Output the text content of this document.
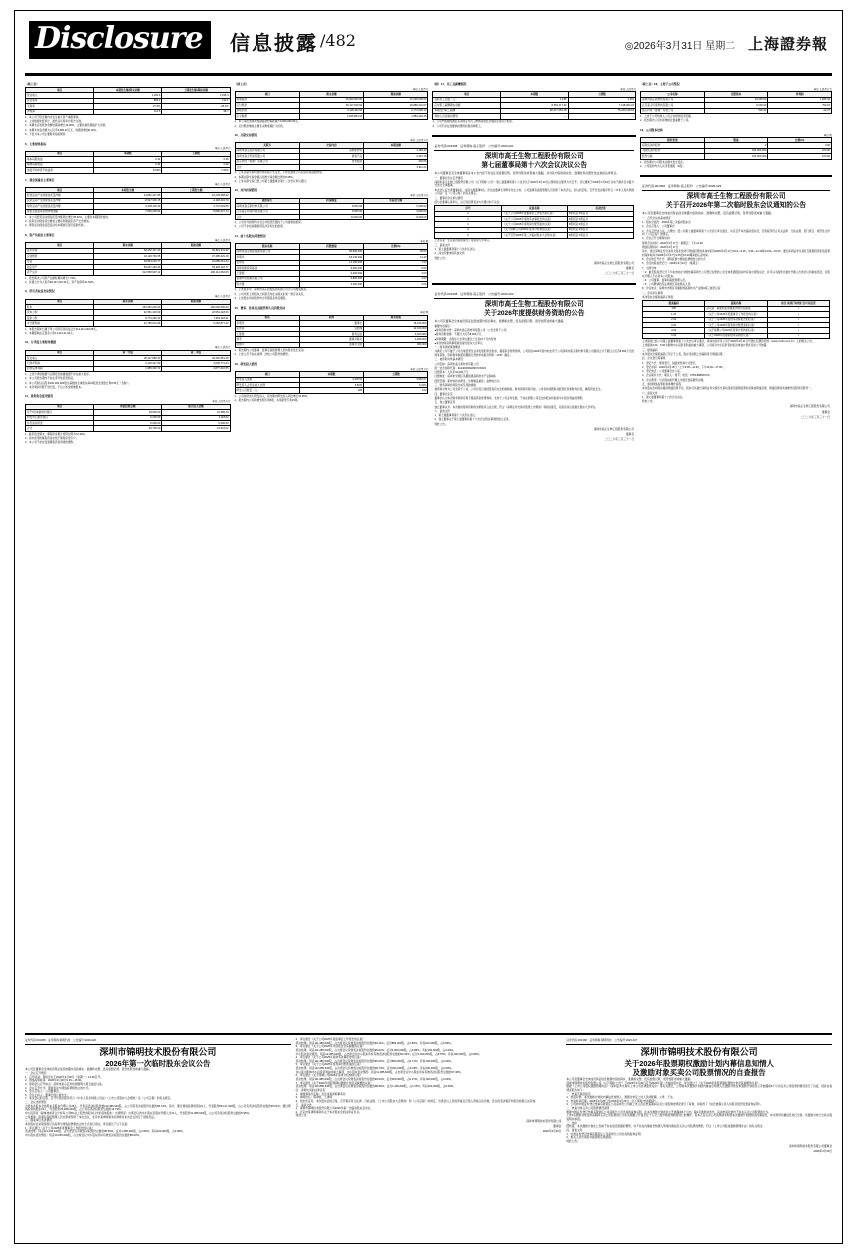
Disclosure	信息披露 /482	◎2026年3月31日 星期二 上海證券報
（续上表）
项目	本期发生额/期末余额	上期发生额/期初余额
营业收入	1,182.6	1,035.4
营业成本	856.3	742.1
毛利率	27.6%	28.3%
净利润	112.5	98.7
1、本公司于报告期内未发生重大资产重组事项。
2、上述数据未经审计，最终以年度审计报告为准。
3、本期末应收账款余额较期初增长12.35%，主要系销售规模扩大所致。
4、本期末存货余额为人民币3,685.42万元，较期初增加8.12%。
5、下表为本公司主要财务指标情况：
6、主要财务指标
单位:人民币元
项目	本期数	上期数
基本每股收益	0.32	0.28
稀释每股收益	0.32	0.28
加权平均净资产收益率	8.65%	7.92%
7、现金流量表主要项目
单位:人民币元
项目	本期发生额	上期发生额
经营活动产生的现金流量净额	13,852,417.66	10,236,558.92
投资活动产生的现金流量净额	-8,527,330.15	-6,118,204.73
筹资活动产生的现金流量净额	2,305,118.40	4,772,093.55
现金及现金等价物净增加额	7,630,205.91	8,890,447.74
1、本公司经营活动现金流量净额同比增长35.32%，主要系本期回款加快。
2、投资活动现金流出增加主要系购建固定资产支出增加。
3、筹资活动现金流量变动系本期偿还银行借款所致。
8、资产负债表主要项目
单位:人民币元
项目	期末余额	期初余额
货币资金	68,452,117.23	60,821,911.32
应收账款	42,118,760.55	37,485,229.18
存货	36,854,203.77	34,085,661.40
固定资产	58,207,449.06	54,930,118.77
资产总计	312,558,907.41	290,114,662.05
1、报告期末公司资产总额较期初增长7.74%。
2、负债合计为人民币98,447,215.33元，资产负债率31.50%。
9、所有者权益变动情况
单位:人民币元
项目	期末余额	期初余额
股本	160,000,000.00	160,000,000.00
资本公积	32,551,418.09	32,551,418.09
盈余公积	8,774,260.33	7,652,118.41
未分配利润	12,785,013.66	5,218,877.22
1、本报告期末归属于母公司所有者权益合计214,111,692.08元。
2、本期提取法定盈余公积1,122,141.92元。
10、分季度主要财务数据
单位:人民币元
项目	第一季度	第二季度
营业收入	25,117,880.30	29,402,551.18
归母净利润	2,118,447.09	3,005,772.64
扣非后净利润	1,985,330.72	2,877,410.55
1、上述分季度数据与定期报告披露数据不存在重大差异。
2、本公司报告期内不存在季节性经营特征。
3、本公司拟以总股本160,000,000股为基数向全体股东每10股派发现金红利0.50元（含税）。
4、本次利润分配不送红股，不以公积金转增股本。
11、募集资金使用情况
单位:人民币万元
项目	承诺投资总额	累计投入金额
年产5万吨新材料项目	18,500.00	12,385.40
研发中心建设项目	6,200.00	4,118.62
补充流动资金	5,000.00	5,000.00
合计	29,700.00	21,504.02
1、截至报告期末，募集资金累计使用比例为72.40%。
2、尚未使用的募集资金存放于募集资金专户。
3、本公司不存在变更募集资金用途的情形。
（续上表）
单位:人民币元
项目	期末余额	期初余额
短期借款	15,000,000.00	21,000,000.00
应付账款	28,117,640.52	25,880,331.07
预收款项	3,118,402.66	2,772,005.13
应交税费	2,005,884.31	1,884,220.45
1、本公司报告期末短期借款较期初减少6,000,000.00元。
2、应付账款增加主要系采购规模扩大所致。
12、关联交易情况
单位:人民币万元
关联方	交易内容	本期金额
深圳市高壬投资有限公司	采购原材料	1,185.40
深圳市高壬贸易有限公司	销售产品	2,307.18
高壬科技（香港）有限公司	技术服务	418.66
合计	—	3,911.24
1、上述关联交易均按市场价格公允定价，不存在损害公司及股东利益的情形。
2、本期关联交易金额占同类交易金额比例为8.35%。
3、上述关联交易已经公司第七届董事会第十二次会议审议通过。
13、对外担保情况
单位:人民币万元
被担保方	担保额度	实际发生额
深圳市高壬新材料有限公司	8,000.00	5,200.00
江苏高壬环保科技有限公司	5,000.00	3,000.00
合计	13,000.00	8,200.00
1、公司对外担保均为对合并报表范围内子公司提供的担保。
2、公司不存在逾期担保及涉及诉讼的担保。
14、前十名股东持股情况
单位:股
股东名称	持股数量	比例(%)
深圳市高壬控股集团有限公司	56,800,000	35.50
李明华	18,240,000	11.40
张伟东	12,160,000	7.60
深圳创新投资基金	9,600,000	6.00
王建国	6,400,000	4.00
香港中央结算有限公司	4,800,000	3.00
陈志强	3,200,000	2.00
1、上述股东中，深圳市高壬控股集团有限公司为公司控股股东。
2、公司未知上述股东之间是否存在关联关系或一致行动关系。
3、上述股东所持股份均为无限售条件流通股。
15、董事、监事及高级管理人员持股变动
单位:股
姓名	职务	期末持股
李明华	董事长	18,240,000
张伟东	总经理	12,160,000
王建国	财务总监	6,400,000
刘芳	董事会秘书	1,280,000
赵国平	监事会主席	960,000
1、报告期内公司董事、监事及高级管理人员持股未发生变动。
2、上述人员不存在质押、冻结公司股份的情形。
16、研发投入情况
单位:人民币万元
项目	本期数	上期数
研发投入金额	4,118.52	3,552.07
研发投入占营业收入比例	6.82%	6.31%
研发人员数量（人）	186	162
1、公司持续加大研发投入，报告期内研发投入同比增长15.95%。
2、报告期内公司新增发明专利8项，实用新型专利15项。
（续）17、员工及薪酬情况
单位:人民币元
项目	本期数	上期数
在职员工总数（人）	1,186	1,052
应付职工薪酬期末余额	8,552,117.40	7,418,003.22
本期支付职工薪酬	86,417,552.18	75,220,118.63
退休人员需承担费用	—	—
1、公司严格按照国家有关规定为员工缴纳各项社会保险及住房公积金。
2、公司不存在需要承担费用的离退休职工。
证券代码:001368　证券简称:高壬股份　公告编号:2026-021
深圳市高壬生物工程股份有限公司
第七届董事局第十六次会议决议公告
本公司董事会及全体董事保证本公告内容不存在任何虚假记载、误导性陈述或者重大遗漏，并对其内容的真实性、准确性和完整性依法承担法律责任。
一、董事会会议召开情况
深圳市高壬生物工程股份有限公司（以下简称“公司”）第七届董事局第十六次会议于2026年3月29日以现场结合通讯方式召开。会议通知于2026年3月19日以电子邮件及书面方式送达全体董事。
本次会议应出席董事9名，实际出席董事9名。会议由董事长李明华先生主持，公司监事及高级管理人员列席了本次会议。会议的召集、召开及表决程序符合《中华人民共和国公司法》及《公司章程》的有关规定。
二、董事会会议审议情况
经与会董事认真审议，以记名投票表决方式通过如下决议：
序号	议案名称	表决结果
1	《关于公司2025年度董事会工作报告的议案》	9票同意 0票反对
2	《关于公司2025年度财务决算报告的议案》	9票同意 0票反对
3	《关于公司2025年度利润分配预案的议案》	9票同意 0票反对
4	《关于续聘公司2026年度审计机构的议案》	9票同意 0票反对
5	《关于召开2026年第二次临时股东大会的议案》	9票同意 0票反对
上述议案一至议案四尚需提交公司股东大会审议。
三、备查文件
1、第七届董事局第十六次会议决议。
2、深交所要求的其他文件。
特此公告。
深圳市高壬生物工程股份有限公司
董事会
二〇二六年三月三十一日
证券代码:001368　证券简称:高壬股份　公告编号:2026-022
深圳市高壬生物工程股份有限公司
关于2026年度提供财务资助的公告
本公司及董事会全体成员保证信息披露内容的真实、准确和完整，没有虚假记载、误导性陈述或重大遗漏。
重要内容提示：
●财务资助对象：深圳市高壬新材料有限公司（公司全资子公司）
●财务资助金额：不超过人民币8,000万元
●资助期限：自股东大会审议通过之日起12个月内有效
●本次财务资助事项尚需提交股东大会审议
一、财务资助事项概述
为满足公司下属子公司日常经营及业务发展的资金需求，提高资金使用效率，公司拟在2026年度内向全资子公司深圳市高壬新材料有限公司提供合计不超过人民币8,000万元的财务资助，资助利率参照同期银行贷款市场报价利率（LPR）确定。
二、被资助对象基本情况
公司名称：深圳市高壬新材料有限公司
统一社会信用代码：91440300MA5FXXXX1K
注册资本：人民币10,000万元
注册地址：深圳市光明区凤凰街道高新技术产业园A栋
经营范围：新材料技术研发；生物制品销售；货物进出口。
三、财务资助的风险分析及风控措施
被资助对象为公司全资子公司，公司对其日常经营具有完全的控制权，财务资助风险可控。公司将持续跟踪其经营状况和财务状况，确保资金安全。
四、董事会意见
董事会认为本次财务资助有利于提高资金使用效率，支持子公司业务发展，不存在损害公司及全体股东特别是中小股东利益的情形。
五、独立董事意见
独立董事认为：本次提供财务资助的决策程序合法合规，符合《深圳证券交易所股票上市规则》等相关规定，同意将该议案提交股东大会审议。
六、备查文件
1、第七届董事局第十六次会议决议；
2、独立董事关于第七届董事局第十六次会议相关事项的独立意见。
特此公告。
深圳市高壬生物工程股份有限公司
董事会
二〇二六年三月三十一日
（续上表）18、主要子公司情况
单位:人民币万元
公司名称	注册资本	净利润
深圳市高壬新材料有限公司	10,000.00	1,286.44
江苏高壬环保科技有限公司	6,000.00	752.18
高壬科技（香港）有限公司	500.00	-42.07
1、上述子公司均纳入公司合并财务报表范围。
2、报告期内公司未新增或处置重要子公司。
19、公司股本结构
单位:股
股份类别	数量	比例(%)
有限售条件股份	0	0.00
无限售条件股份	160,000,000	100.00
股份总数	160,000,000	100.00
1、报告期内公司股本总额未发生变化。
2、公司股份均为人民币普通股（A股）。
证券代码:001368　证券简称:高壬股份　公告编号:2026-023
深圳市高壬生物工程股份有限公司
关于召开2026年第二次临时股东会议通知的公告
本公司及董事会全体成员保证信息披露内容的真实、准确和完整，没有虚假记载、误导性陈述或重大遗漏。
一、召开会议的基本情况
1、股东会届次：2026年第二次临时股东会
2、会议召集人：公司董事会
3、会议召开的合法、合规性：经公司第七届董事局第十六次会议审议通过，决定召开本次临时股东会，召集程序符合有关法律、行政法规、部门规章、规范性文件和《公司章程》的规定。
4、会议召开日期和时间：
现场会议时间：2026年4月17日（星期五）下午14:30
网络投票时间：2026年4月17日
其中，通过深圳证券交易所交易系统进行网络投票的具体时间为2026年4月17日9:15—9:25，9:30—11:30和13:00—15:00；通过深圳证券交易所互联网投票系统投票的具体时间为2026年4月17日9:15至15:00期间的任意时间。
5、会议的召开方式：现场投票与网络投票相结合的方式
6、会议的股权登记日：2026年4月10日（星期五）
7、出席对象：
（1）截至股权登记日下午收市时在中国结算深圳分公司登记在册的公司全体普通股股东均有权出席股东会，并可以书面形式委托代理人出席会议和参加表决，该股东代理人不必是本公司股东。
（2）公司董事、监事和高级管理人员。
（3）公司聘请的见证律师及其他相关人员。
8、会议地点：深圳市光明区凤凰街道高新技术产业园A栋三楼会议室
二、会议审议事项
本次股东会提案编码示例表：
提案编码	提案名称	备注 该列打勾的栏目可以投票
100	总议案：除累积投票提案外的所有提案	√
1.00	《关于公司2025年度董事会工作报告的议案》	√
2.00	《关于公司2025年度财务决算报告的议案》	√
3.00	《关于公司2025年度利润分配预案的议案》	√
4.00	《关于续聘公司2026年度审计机构的议案》	√
5.00	《关于2026年度提供财务资助的议案》	√
上述提案已经公司第七届董事局第十六次会议审议通过，具体内容详见公司于2026年3月31日刊登在巨潮资讯网（www.cninfo.com.cn）上的相关公告。
上述提案3.00、5.00为影响中小投资者利益的重大事项，公司将对中小投资者的表决单独计票并及时公开披露。
三、提案编码
本次股东会提案编码已列示于上表，股东可按照上述编码进行网络投票。
四、会议登记等事项
1、登记方式：现场登记、信函或传真方式登记。
2、登记时间：2026年4月15日（上午9:00—11:30，下午14:00—17:00）。
3、登记地点：公司董事会办公室。
4、会议联系方式：联系人：刘芳；电话：0755-8888XXXX。
5、会议费用：与会股东或代理人交通及食宿费用自理。
五、参加网络投票的具体操作流程
本次股东会向股东提供网络投票平台，股东可以通过深圳证券交易所交易系统或互联网投票系统参加网络投票，网络投票的具体操作流程详见附件一。
六、备查文件
1、第七届董事局第十六次会议决议。
特此公告。
深圳市高壬生物工程股份有限公司
董事会
二〇二六年三月三十一日
证券代码:001368　证券简称:锦明科技　公告编号:2026-026
深圳市锦明技术股份有限公司
2026年第一次临时股东会议公告
本公司及董事会全体成员保证信息披露内容的真实、准确和完整，没有虚假记载、误导性陈述或重大遗漏。
一、会议召开情况
1、召开时间：现场会议于2026年3月30日（星期一）14:30召开。
2、网络投票时间：2026年3月30日9:15—15:00。
3、现场会议召开地点：深圳市南山区科技园锦明大厦五楼会议室。
4、会议召开方式：现场表决与网络投票相结合的方式。
5、会议召集人：公司董事会。
6、会议主持人：董事长周立新先生。
7、本次会议的召集、召开与表决程序符合《中华人民共和国公司法》《上市公司股东大会规则》及《公司章程》的有关规定。
二、会议出席情况
出席本次股东会的股东及股东代理人共28人，代表有表决权股份数112,385,640股，占公司有表决权股份总数的58.74%。其中，通过现场投票的股东9人，代表股份86,117,320股，占公司有表决权股份总数的45.01%；通过网络投票的股东19人，代表股份26,268,320股，占公司有表决权股份总数的13.73%。
中小投资者（除单独或者合计持有公司5%以上股份的股东以外的其他股东）出席情况：出席会议的中小股东及股东代理人共24人，代表股份11,385,640股，占公司有表决权股份总数的5.95%。
公司董事、监事及高级管理人员出席或列席了本次会议，北京市某律师事务所律师对本次会议进行了现场见证。
三、提案审议表决情况
本次股东会采取现场记名投票与网络投票相结合的方式进行表决，审议通过了以下议案：
1、审议通过《关于公司2025年度董事会工作报告的议案》
表决结果：同意111,205,640股，占出席会议有效表决权股份总数的98.95%；反对1,080,000股，占0.96%；弃权100,000股，占0.09%。
中小股东表决情况：同意10,205,640股，占出席会议中小股东所持有效表决权股份总数的89.63%。
2、审议通过《关于公司2025年度监事会工作报告的议案》
表决结果：同意111,386,640股，占出席会议有效表决权股份总数的99.11%；反对899,000股，占0.80%；弃权100,000股，占0.09%。
3、审议通过《关于公司2025年年度报告及其摘要的议案》
表决结果：同意111,285,640股，占出席会议有效表决权股份总数的99.02%；反对1,000,000股，占0.89%；弃权100,000股，占0.09%。
中小股东表决情况：同意10,285,640股，占出席会议中小股东所持有效表决权股份总数的90.33%；反对1,000,000股，占8.78%；弃权100,000股，占0.89%。
4、审议通过《关于公司2025年度财务决算报告的议案》
表决结果：同意111,485,640股，占出席会议有效表决权股份总数的99.20%；反对800,000股，占0.71%；弃权100,000股，占0.09%。
5、审议通过《关于公司2025年度利润分配预案的议案》
表决结果：同意112,085,640股，占出席会议有效表决权股份总数的99.73%；反对200,000股，占0.18%；弃权100,000股，占0.09%。
该议案为影响中小投资者利益的重大事项，中小股东表决情况：同意11,085,640股，占出席会议中小股东所持有效表决权股份总数的97.36%。
6、审议通过《关于续聘公司2026年度审计机构的议案》
表决结果：同意111,985,640股，占出席会议有效表决权股份总数的99.64%；反对300,000股，占0.27%；弃权100,000股，占0.09%。
7、审议通过《关于2026年度股票期权激励计划及其摘要的议案》
表决结果：同意110,885,640股，占出席会议有效表决权股份总数的98.66%；反对1,400,000股，占1.25%；弃权100,000股，占0.09%。
四、律师出具的法律意见
1、律师事务所名称：北京市某律师事务所
2、律师姓名：陈律师、王律师
3、结论性意见：本次股东会的召集、召开程序符合法律、行政法规、《上市公司股东大会规则》和《公司章程》的规定，出席会议人员的资格及召集人资格合法有效，会议的表决程序和表决结果合法有效。
五、备查文件
1、深圳市锦明技术股份有限公司2026年第一次临时股东会决议；
2、北京市某律师事务所关于本次股东会的法律意见书。
特此公告。
深圳市锦明技术股份有限公司
董事会
2026年3月30日
证券代码:001368　证券简称:锦明科技　公告编号:2026-027
深圳市锦明技术股份有限公司
关于2026年股票期权激励计划内幕信息知情人
及激励对象买卖公司股票情况的自查报告
本公司及董事会全体成员保证信息披露内容的真实、准确和完整，没有虚假记载、误导性陈述或重大遗漏。
深圳市锦明技术股份有限公司（以下简称“公司”）于2026年3月30日召开2026年第一次临时股东会，审议通过了《关于2026年度股票期权激励计划及其摘要的议案》。
根据《上市公司股权激励管理办法》《深圳证券交易所上市公司自律监管指引》等有关规定，公司就本次激励计划的内幕信息知情人及激励对象在本激励计划首次公开披露前6个月内买卖公司股票的情况进行了自查，现将自查情况报告如下：
一、核查范围及程序
1、核查对象：本次激励计划的内幕信息知情人、激励对象及上述人员的配偶、父母、子女。
2、核查时间范围：2025年9月25日至2026年3月25日（以下简称“核查期间”）。
3、公司向中国证券登记结算有限责任公司深圳分公司就上述人员在核查期间买卖公司股票的情况进行了查询，并取得了《信息披露义务人持股及股份变更查询证明》。
二、核查对象买卖公司股票情况说明
根据中国证券登记结算有限责任公司深圳分公司出具的查询证明，在本次激励计划首次公开披露前6个月内，除1名激励对象外，其余核查对象均不存在买卖公司股票的行为。
上述1名激励对象在核查期间买卖公司股票的行为系其根据公开信息及个人对二级市场的判断而进行的操作，其本人在买卖公司股票前未知悉本次激励计划的相关内幕信息，亦未利用内幕信息进行交易。该激励对象已出具书面说明并承诺。
三、结论
经核查，本次激励计划在公告前不存在信息泄露的情形，亦不存在内幕信息知情人利用内幕信息买卖公司股票的情形，符合《上市公司股权激励管理办法》的有关规定。
四、备查文件
1、中国证券登记结算有限责任公司深圳分公司出具的查询证明；
2、相关人员出具的书面说明及承诺函。
特此公告。
深圳市锦明技术股份有限公司董事会
2026年3月30日
